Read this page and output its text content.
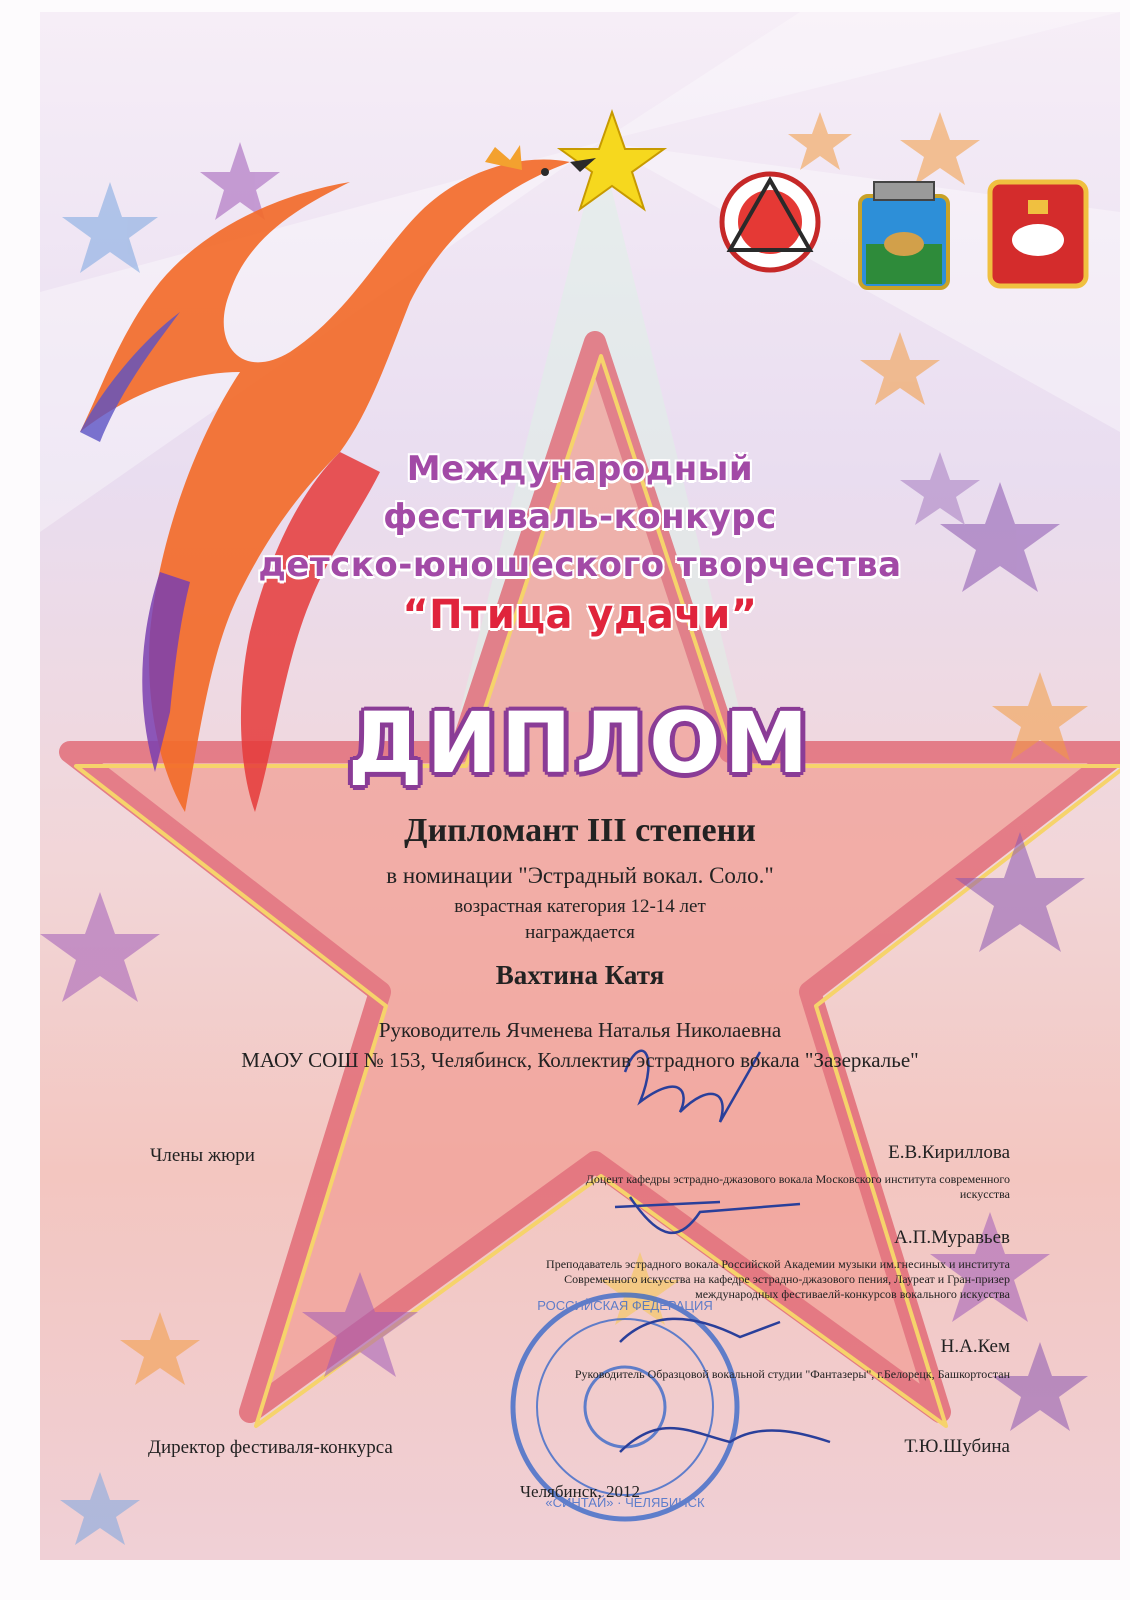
РОССИЙСКАЯ ФЕДЕРАЦИЯ
«СИНТАЙ» · ЧЕЛЯБИНСК
Международный
фестиваль-конкурс
детско-юношеского творчества
“Птица удачи”
ДИПЛОМ
Дипломант III степени
в номинации "Эстрадный вокал. Соло."
возрастная категория 12-14 лет
награждается
Вахтина Катя
Руководитель Ячменева Наталья Николаевна
МАОУ СОШ № 153, Челябинск, Коллектив эстрадного вокала "Зазеркалье"
Члены жюри	Е.В.Кириллова
Доцент кафедры эстрадно-джазового вокала Московского института современного искусства
А.П.Муравьев
Преподаватель эстрадного вокала Российской Академии музыки им.гнесиных и института Современного искусства на кафедре эстрадно-джазового пения, Лауреат и Гран-призер международных фестиваелй-конкурсов вокального искусства
Н.А.Кем
Руководитель Образцовой вокальной студии "Фантазеры", г.Белорецк, Башкортостан
Директор фестиваля-конкурса	Т.Ю.Шубина
Челябинск, 2012
